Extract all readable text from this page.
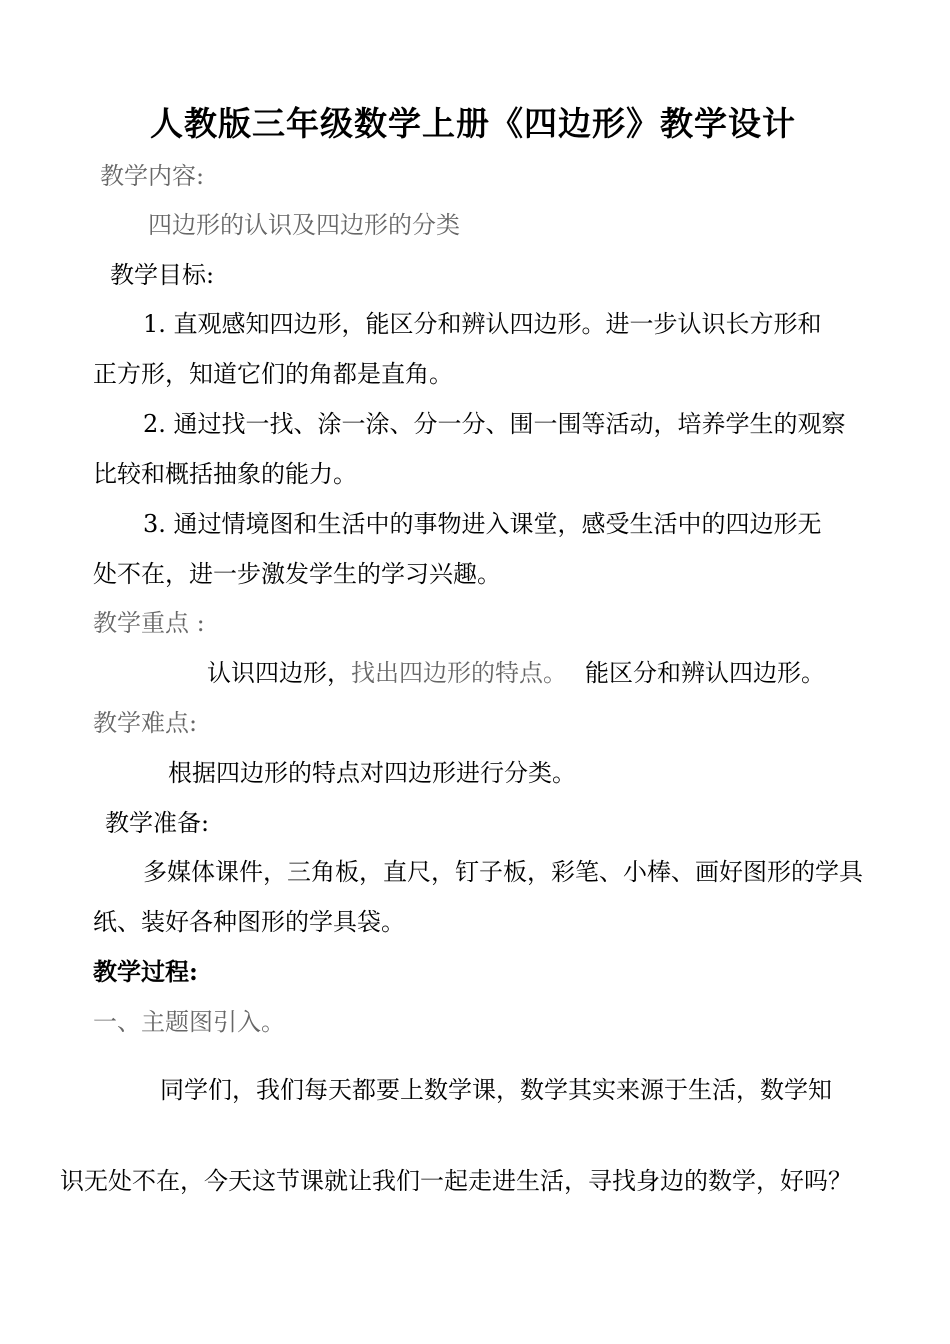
人教版三年级数学上册《四边形》教学设计
教学内容:
四边形的认识及四边形的分类
教学目标:
1. 直观感知四边形，能区分和辨认四边形。进一步认识长方形和
正方形，知道它们的角都是直角。
2. 通过找一找、涂一涂、分一分、围一围等活动，培养学生的观察
比较和概括抽象的能力。
3. 通过情境图和生活中的事物进入课堂，感受生活中的四边形无
处不在，进一步激发学生的学习兴趣。
教学重点 :
认识四边形，找出四边形的特点。 能区分和辨认四边形。
教学难点:
根据四边形的特点对四边形进行分类。
教学准备:
多媒体课件，三角板，直尺，钉子板，彩笔、小棒、画好图形的学具
纸、装好各种图形的学具袋。
教学过程:
一、主题图引入。
同学们，我们每天都要上数学课，数学其实来源于生活，数学知
识无处不在，今天这节课就让我们一起走进生活，寻找身边的数学，好吗？
